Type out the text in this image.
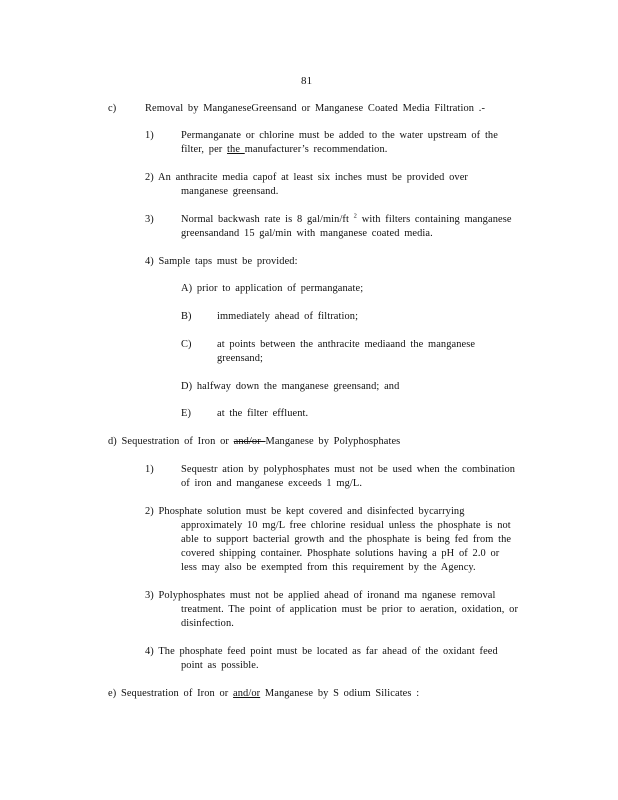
81
c)	Removal by ManganeseGreensand or Manganese Coated Media Filtration .-
1)	Permanganate or chlorine must be added to the water upstream of the
filter, per the manufacturer’s recommendation.
2) An anthracite media capof at least six inches must be provided over
manganese greensand.
3)	Normal backwash rate is 8 gal/min/ft $^2$ with filters containing manganese
greensandand 15 gal/min with manganese coated media.
4) Sample taps must be provided:
A) prior to application of permanganate;
B) immediately ahead of filtration;
C) at points between the anthracite mediaand the manganese
greensand;
D) halfway down the manganese greensand; and
E) at the filter effluent.
d) Sequestration of Iron or and/or Manganese by Polyphosphates
1)	Sequestr ation by polyphosphates must not be used when the combination
of iron and manganese exceeds 1 mg/L.
2) Phosphate solution must be kept covered and disinfected bycarrying
approximately 10 mg/L free chlorine residual unless the phosphate is not
able to support bacterial growth and the phosphate is being fed from the
covered shipping container. Phosphate solutions having a pH of 2.0 or
less may also be exempted from this requirement by the Agency.
3) Polyphosphates must not be applied ahead of ironand ma nganese removal
treatment. The point of application must be prior to aeration, oxidation, or
disinfection.
4) The phosphate feed point must be located as far ahead of the oxidant feed
point as possible.
e) Sequestration of Iron or and/or Manganese by S odium Silicates :
